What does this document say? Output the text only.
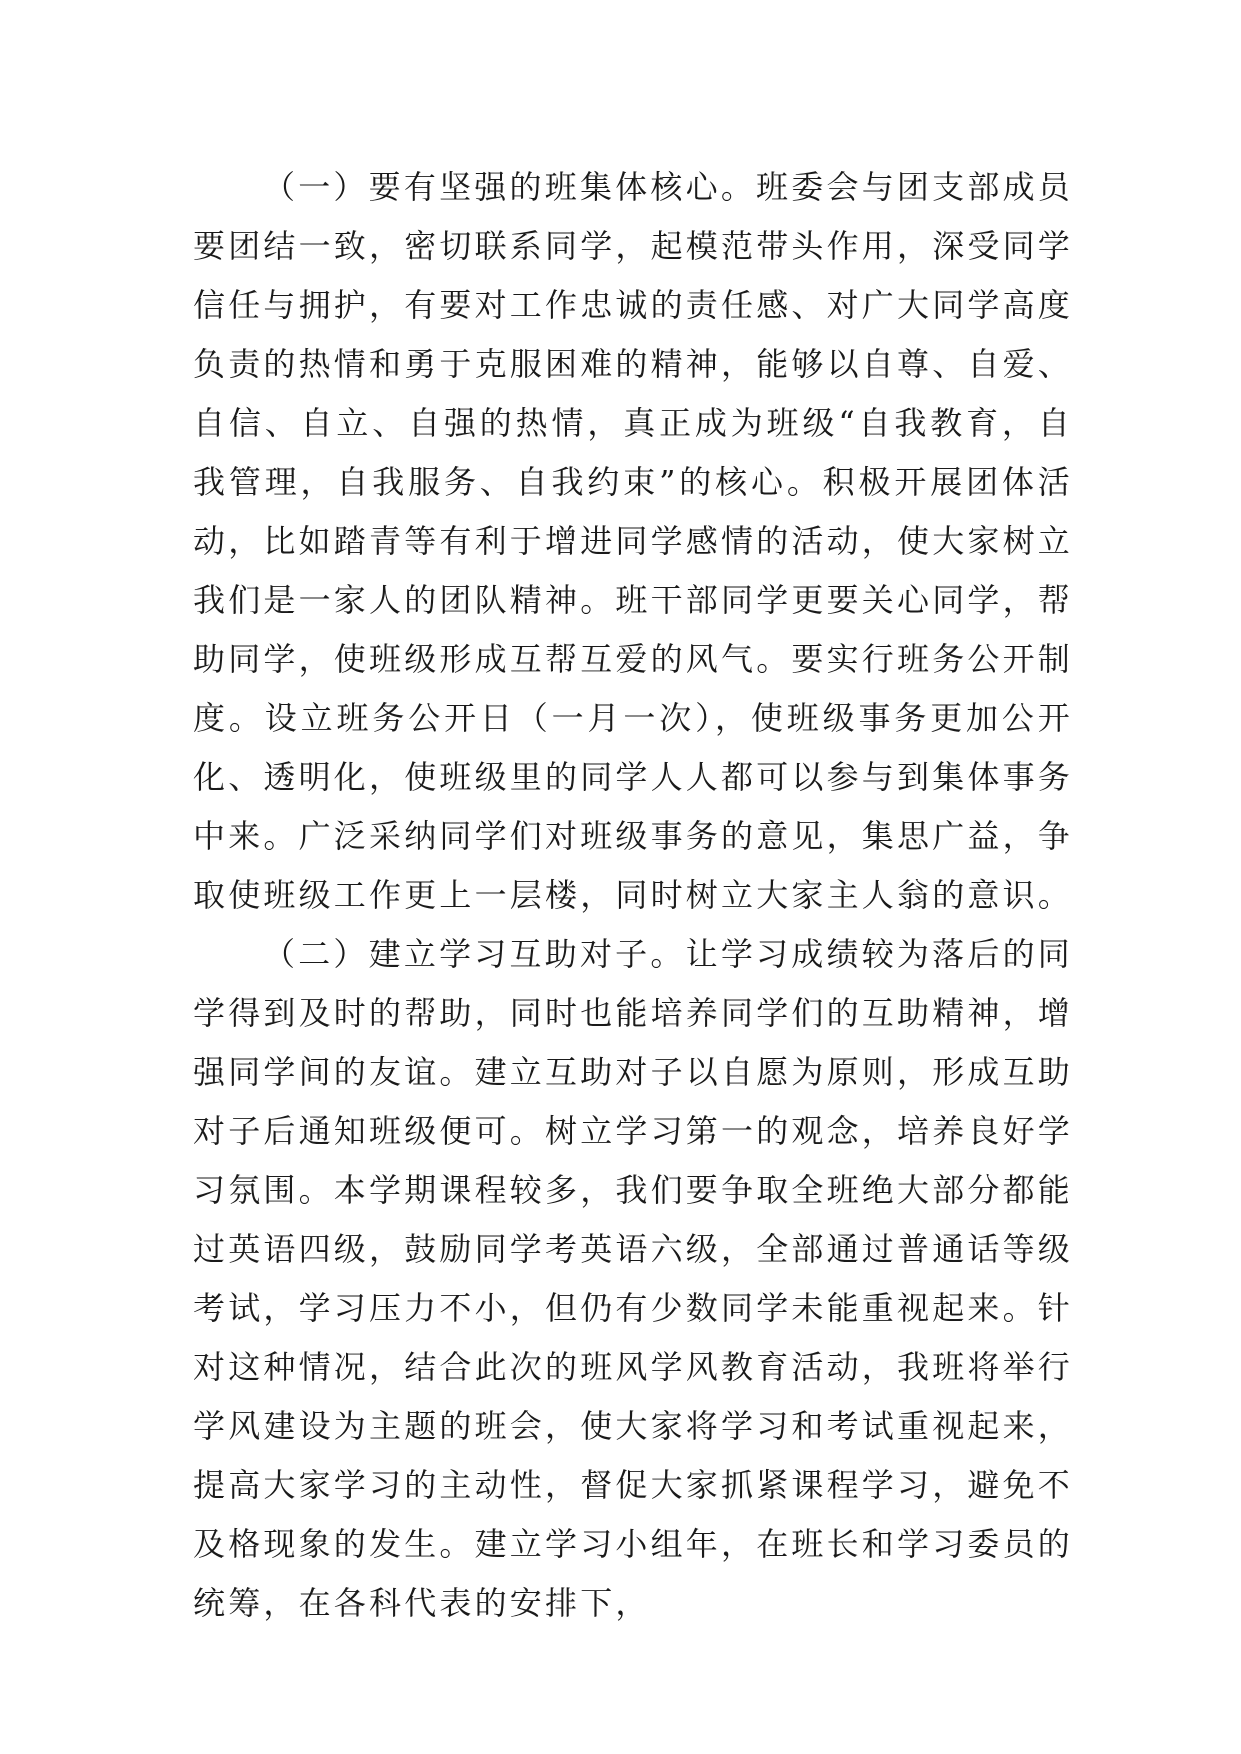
（一）要有坚强的班集体核心。班委会与团支部成员要团结一致，密切联系同学，起模范带头作用，深受同学信任与拥护，有要对工作忠诚的责任感、对广大同学高度负责的热情和勇于克服困难的精神，能够以自尊、自爱、自信、自立、自强的热情，真正成为班级“自我教育，自我管理，自我服务、自我约束”的核心。积极开展团体活动，比如踏青等有利于增进同学感情的活动，使大家树立我们是一家人的团队精神。班干部同学更要关心同学，帮助同学，使班级形成互帮互爱的风气。要实行班务公开制度。设立班务公开日（一月一次），使班级事务更加公开化、透明化，使班级里的同学人人都可以参与到集体事务中来。广泛采纳同学们对班级事务的意见，集思广益，争取使班级工作更上一层楼，同时树立大家主人翁的意识。

（二）建立学习互助对子。让学习成绩较为落后的同学得到及时的帮助，同时也能培养同学们的互助精神，增强同学间的友谊。建立互助对子以自愿为原则，形成互助对子后通知班级便可。树立学习第一的观念，培养良好学习氛围。本学期课程较多，我们要争取全班绝大部分都能过英语四级，鼓励同学考英语六级，全部通过普通话等级考试，学习压力不小，但仍有少数同学未能重视起来。针对这种情况，结合此次的班风学风教育活动，我班将举行学风建设为主题的班会，使大家将学习和考试重视起来，提高大家学习的主动性，督促大家抓紧课程学习，避免不及格现象的发生。建立学习小组年，在班长和学习委员的统筹，在各科代表的安排下，
